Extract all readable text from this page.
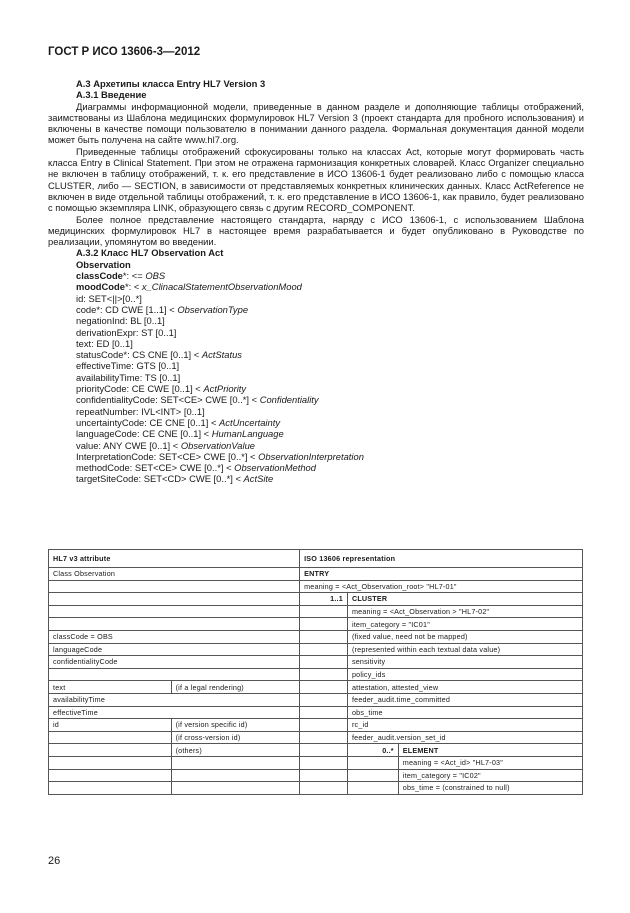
ГОСТ Р ИСО 13606-3—2012
A.3 Архетипы класса Entry HL7 Version 3
A.3.1 Введение

Диаграммы информационной модели, приведенные в данном разделе и дополняющие таблицы отображений, заимствованы из Шаблона медицинских формулировок HL7 Version 3 (проект стандарта для пробного использования) и включены в качестве помощи пользователю в понимании данного раздела. Формальная документация данной модели может быть получена на сайте www.hl7.org.

Приведенные таблицы отображений сфокусированы только на классах Act, которые могут формировать часть класса Entry в Clinical Statement. При этом не отражена гармонизация конкретных словарей. Класс Organizer специально не включен в таблицу отображений, т. к. его представление в ИСО 13606-1 будет реализовано либо с помощью класса CLUSTER, либо — SECTION, в зависимости от представляемых конкретных клинических данных. Класс ActReference не включен в виде отдельной таблицы отображений, т. к. его представление в ИСО 13606-1, как правило, будет реализовано с помощью экземпляра LINK, образующего связь с другим RECORD_COMPONENT.

Более полное представление настоящего стандарта, наряду с ИСО 13606-1, с использованием Шаблона медицинских формулировок HL7 в настоящее время разрабатывается и будет опубликовано в Руководстве по реализации, упомянутом во введении.

A.3.2 Класс HL7 Observation Act
Observation
classCode*: <= OBS
moodCode*: < x_ClinacalStatementObservationMood
id: SET<||>[0..*]
code*: CD CWE [1..1] < ObservationType
negationInd: BL [0..1]
derivationExpr: ST [0..1]
text: ED [0..1]
statusCode*: CS CNE [0..1] < ActStatus
effectiveTime: GTS [0..1]
availabilityTime: TS [0..1]
priorityCode: CE CWE [0..1] < ActPriority
confidentialityCode: SET<CE> CWE [0..*] < Confidentiality
repeatNumber: IVL<INT> [0..1]
uncertaintyCode: CE CNE [0..1] < ActUncertainty
languageCode: CE CNE [0..1] < HumanLanguage
value: ANY CWE [0..1] < ObservationValue
InterpretationCode: SET<CE> CWE [0..*] < ObservationInterpretation
methodCode: SET<CE> CWE [0..*] < ObservationMethod
targetSiteCode: SET<CD> CWE [0..*] < ActSite
HL7 v3 attribute		ISO 13606 representation		
Class Observation		ENTRY		
		meaning = <Act_Observation_root> "HL7-01"		
		1..1	CLUSTER	
			meaning = <Act_Observation > "HL7-02"	
			item_category = "IC01"	
classCode = OBS			(fixed value, need not be mapped)	
languageCode			(represented within each textual data value)	
confidentialityCode			sensitivity	
			policy_ids	
text	(if a legal rendering)		attestation, attested_view	
availabilityTime			feeder_audit.time_committed	
effectiveTime			obs_time	
id	(if version specific id)		rc_id	
	(if cross-version id)		feeder_audit.version_set_id	
	(others)		0..*	ELEMENT
				meaning = <Act_id> "HL7-03"
				item_category = "IC02"
				obs_time = (constrained to null)
26
